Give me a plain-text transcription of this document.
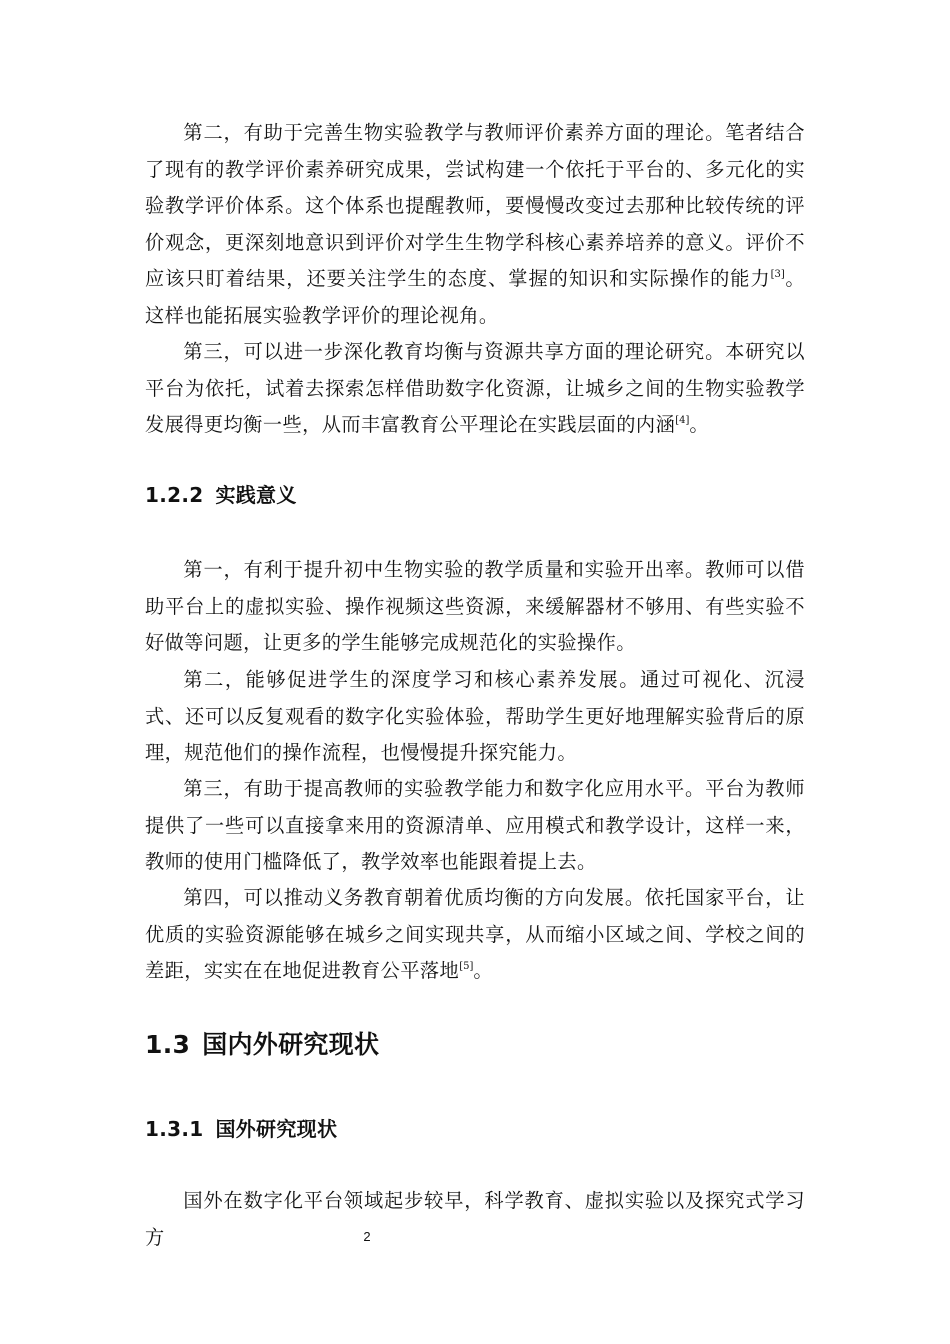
第二，有助于完善生物实验教学与教师评价素养方面的理论。笔者结合了现有的教学评价素养研究成果，尝试构建一个依托于平台的、多元化的实验教学评价体系。这个体系也提醒教师，要慢慢改变过去那种比较传统的评价观念，更深刻地意识到评价对学生生物学科核心素养培养的意义。评价不应该只盯着结果，还要关注学生的态度、掌握的知识和实际操作的能力[3]。这样也能拓展实验教学评价的理论视角。

第三，可以进一步深化教育均衡与资源共享方面的理论研究。本研究以平台为依托，试着去探索怎样借助数字化资源，让城乡之间的生物实验教学发展得更均衡一些，从而丰富教育公平理论在实践层面的内涵[4]。

1.2.2 实践意义

第一，有利于提升初中生物实验的教学质量和实验开出率。教师可以借助平台上的虚拟实验、操作视频这些资源，来缓解器材不够用、有些实验不好做等问题，让更多的学生能够完成规范化的实验操作。

第二，能够促进学生的深度学习和核心素养发展。通过可视化、沉浸式、还可以反复观看的数字化实验体验，帮助学生更好地理解实验背后的原理，规范他们的操作流程，也慢慢提升探究能力。

第三，有助于提高教师的实验教学能力和数字化应用水平。平台为教师提供了一些可以直接拿来用的资源清单、应用模式和教学设计，这样一来，教师的使用门槛降低了，教学效率也能跟着提上去。

第四，可以推动义务教育朝着优质均衡的方向发展。依托国家平台，让优质的实验资源能够在城乡之间实现共享，从而缩小区域之间、学校之间的差距，实实在在地促进教育公平落地[5]。

1.3 国内外研究现状
1.3.1 国外研究现状

国外在数字化平台领域起步较早，科学教育、虚拟实验以及探究式学习方	2
